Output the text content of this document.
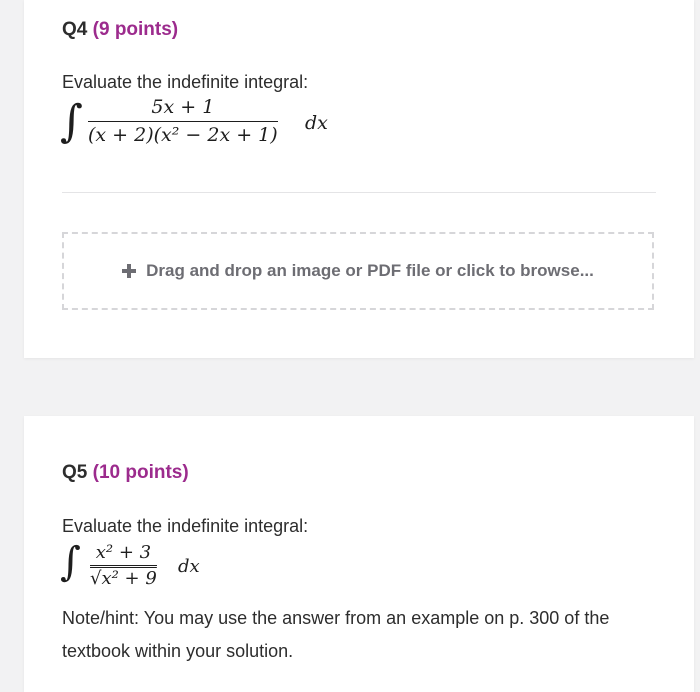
Q4 (9 points)
Evaluate the indefinite integral:
∫	5x + 1
(x + 2)(x² − 2x + 1)
dx
Drag and drop an image or PDF file or click to browse...
Q5 (10 points)
Evaluate the indefinite integral:
∫ $\frac{\text{x² + 3}}{\text{√x² + 9}}$ dx
Note/hint: You may use the answer from an example on p. 300 of the textbook within your solution.
